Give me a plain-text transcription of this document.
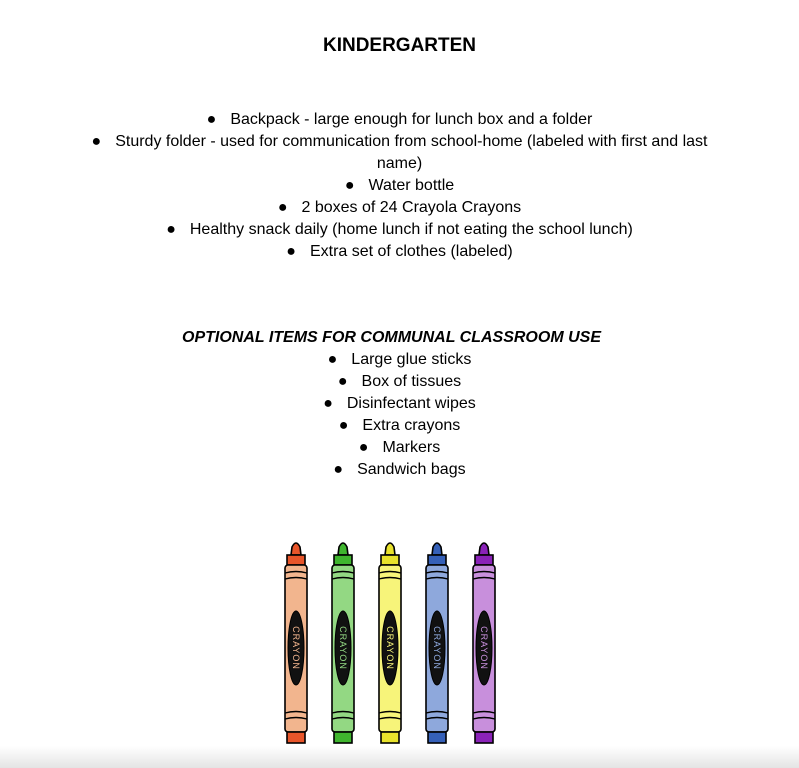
KINDERGARTEN
● Backpack - large enough for lunch box and a folder
● Sturdy folder - used for communication from school-home (labeled with first and last name)
● Water bottle
● 2 boxes of 24 Crayola Crayons
● Healthy snack daily (home lunch if not eating the school lunch)
● Extra set of clothes (labeled)
OPTIONAL ITEMS FOR COMMUNAL CLASSROOM USE
● Large glue sticks
● Box of tissues
● Disinfectant wipes
● Extra crayons
● Markers
● Sandwich bags
CRAYON	CRAYON	CRAYON	CRAYON	CRAYON
